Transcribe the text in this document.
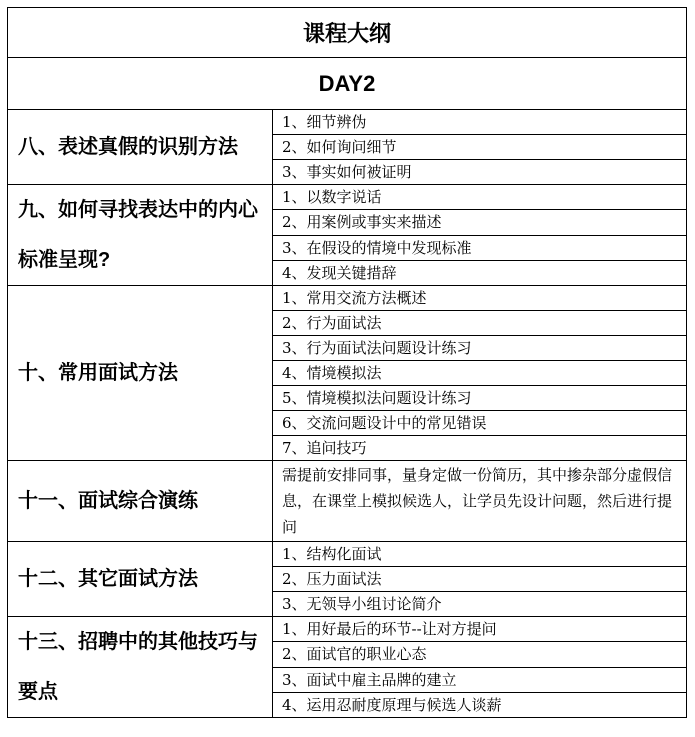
课程大纲	
DAY2	
八、表述真假的识别方法	1、细节辨伪
	2、如何询问细节
	3、事实如何被证明
九、如何寻找表达中的内心标准呈现?	1、以数字说话
	2、用案例或事实来描述
	3、在假设的情境中发现标准
	4、发现关键措辞
十、常用面试方法	1、常用交流方法概述
	2、行为面试法
	3、行为面试法问题设计练习
	4、情境模拟法
	5、情境模拟法问题设计练习
	6、交流问题设计中的常见错误
	7、追问技巧
十一、面试综合演练	需提前安排同事，量身定做一份简历，其中掺杂部分虚假信息，在课堂上模拟候选人，让学员先设计问题，然后进行提问
十二、其它面试方法	1、结构化面试
	2、压力面试法
	3、无领导小组讨论简介
十三、招聘中的其他技巧与要点	1、用好最后的环节--让对方提问
	2、面试官的职业心态
	3、面试中雇主品牌的建立
	4、运用忍耐度原理与候选人谈薪
